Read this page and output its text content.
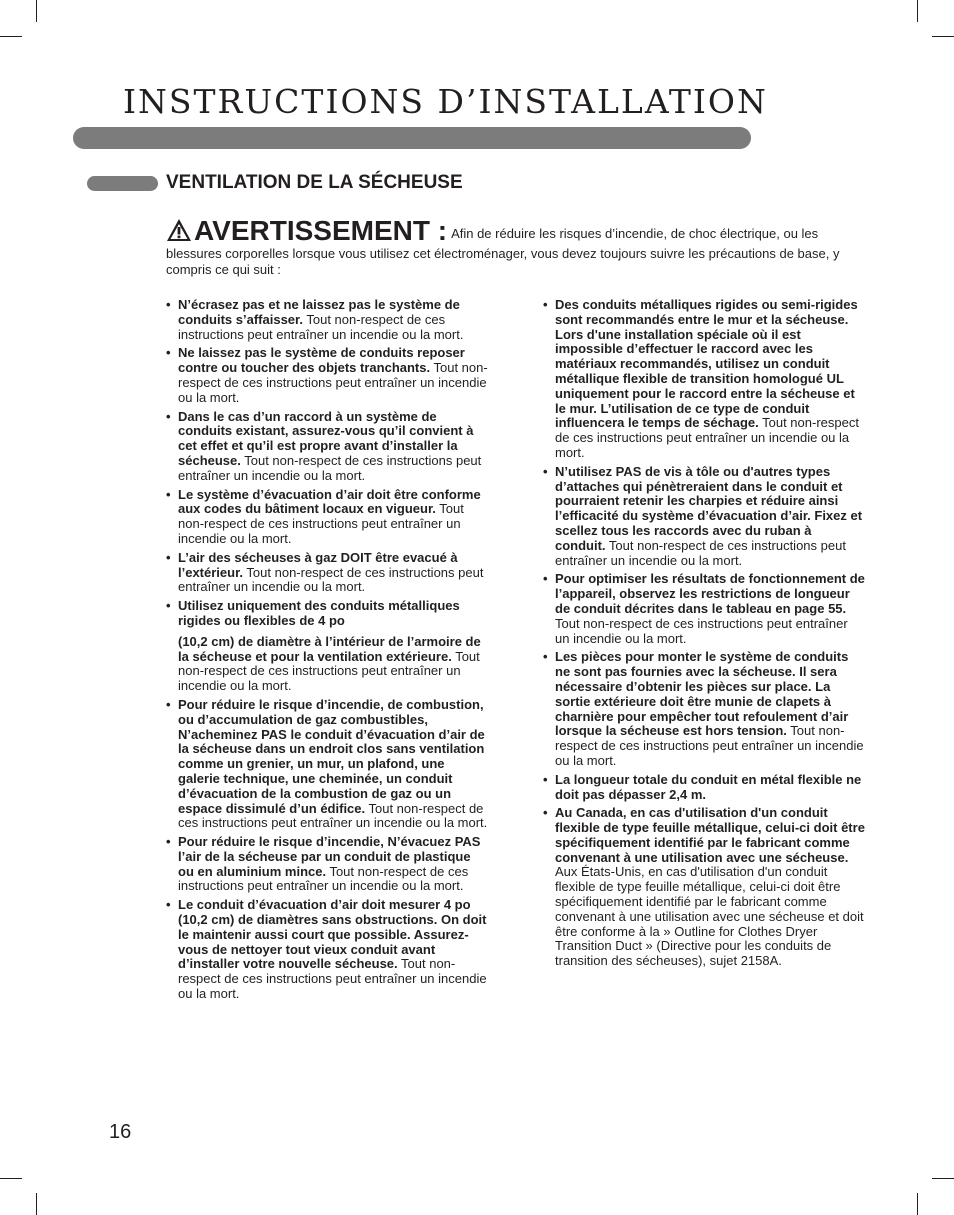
INSTRUCTIONS D’INSTALLATION
VENTILATION DE LA SÉCHEUSE
AVERTISSEMENT : Afin de réduire les risques d’incendie, de choc électrique, ou les blessures corporelles lorsque vous utilisez cet électroménager, vous devez toujours suivre les précautions de base, y compris ce qui suit :
• N’écrasez pas et ne laissez pas le système de conduits s’affaisser. Tout non-respect de ces instructions peut entraîner un incendie ou la mort.
• Ne laissez pas le système de conduits reposer contre ou toucher des objets tranchants. Tout non-respect de ces instructions peut entraîner un incendie ou la mort.
• Dans le cas d’un raccord à un système de conduits existant, assurez-vous qu’il convient à cet effet et qu’il est propre avant d’installer la sécheuse. Tout non-respect de ces instructions peut entraîner un incendie ou la mort.
• Le système d’évacuation d’air doit être conforme aux codes du bâtiment locaux en vigueur. Tout non-respect de ces instructions peut entraîner un incendie ou la mort.
• L’air des sécheuses à gaz DOIT être evacué à l’extérieur. Tout non-respect de ces instructions peut entraîner un incendie ou la mort.
• Utilisez uniquement des conduits métalliques rigides ou flexibles de 4 po
(10,2 cm) de diamètre à l’intérieur de l’armoire de la sécheuse et pour la ventilation extérieure. Tout non-respect de ces instructions peut entraîner un incendie ou la mort.
• Pour réduire le risque d’incendie, de combustion, ou d’accumulation de gaz combustibles, N’acheminez PAS le conduit d’évacuation d’air de la sécheuse dans un endroit clos sans ventilation comme un grenier, un mur, un plafond, une galerie technique, une cheminée, un conduit d’évacuation de la combustion de gaz ou un espace dissimulé d’un édifice. Tout non-respect de ces instructions peut entraîner un incendie ou la mort.
• Pour réduire le risque d’incendie, N’évacuez PAS l’air de la sécheuse par un conduit de plastique ou en aluminium mince. Tout non-respect de ces instructions peut entraîner un incendie ou la mort.
• Le conduit d’évacuation d’air doit mesurer 4 po (10,2 cm) de diamètres sans obstructions. On doit le maintenir aussi court que possible. Assurez-vous de nettoyer tout vieux conduit avant d’installer votre nouvelle sécheuse. Tout non-respect de ces instructions peut entraîner un incendie ou la mort.
• Des conduits métalliques rigides ou semi-rigides sont recommandés entre le mur et la sécheuse. Lors d'une installation spéciale où il est impossible d’effectuer le raccord avec les matériaux recommandés, utilisez un conduit métallique flexible de transition homologué UL uniquement pour le raccord entre la sécheuse et le mur. L’utilisation de ce type de conduit influencera le temps de séchage. Tout non-respect de ces instructions peut entraîner un incendie ou la mort.
• N’utilisez PAS de vis à tôle ou d'autres types d’attaches qui pénètreraient dans le conduit et pourraient retenir les charpies et réduire ainsi l’efficacité du système d’évacuation d’air. Fixez et scellez tous les raccords avec du ruban à conduit. Tout non-respect de ces instructions peut entraîner un incendie ou la mort.
• Pour optimiser les résultats de fonctionnement de l’appareil, observez les restrictions de longueur de conduit décrites dans le tableau en page 55. Tout non-respect de ces instructions peut entraîner un incendie ou la mort.
• Les pièces pour monter le système de conduits ne sont pas fournies avec la sécheuse. Il sera nécessaire d’obtenir les pièces sur place. La sortie extérieure doit être munie de clapets à charnière pour empêcher tout refoulement d’air lorsque la sécheuse est hors tension. Tout non-respect de ces instructions peut entraîner un incendie ou la mort.
• La longueur totale du conduit en métal flexible ne doit pas dépasser 2,4 m.
• Au Canada, en cas d'utilisation d'un conduit flexible de type feuille métallique, celui-ci doit être spécifiquement identifié par le fabricant comme convenant à une utilisation avec une sécheuse. Aux États-Unis, en cas d'utilisation d'un conduit flexible de type feuille métallique, celui-ci doit être spécifiquement identifié par le fabricant comme convenant à une utilisation avec une sécheuse et doit être conforme à la » Outline for Clothes Dryer Transition Duct » (Directive pour les conduits de transition des sécheuses), sujet 2158A.
16
